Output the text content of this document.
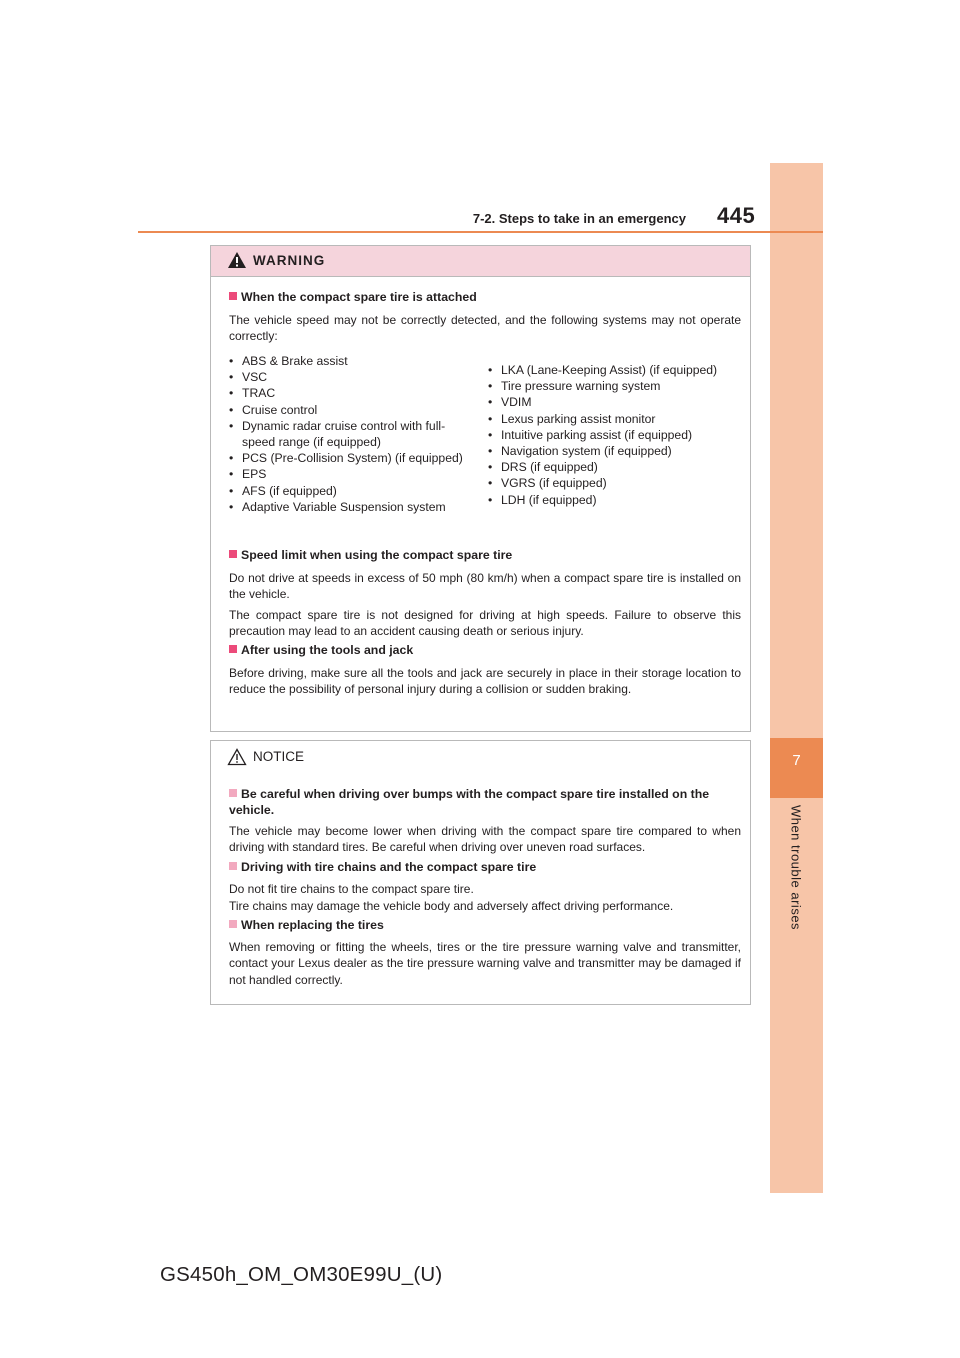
7
When trouble arises
7-2. Steps to take in an emergency 445
WARNING
When the compact spare tire is attached
The vehicle speed may not be correctly detected, and the following systems may not operate correctly:
• ABS & Brake assist
• VSC
• TRAC
• Cruise control
• Dynamic radar cruise control with full-speed range (if equipped)
• PCS (Pre-Collision System) (if equipped)
• EPS
• AFS (if equipped)
• Adaptive Variable Suspension system
• LKA (Lane-Keeping Assist) (if equipped)
• Tire pressure warning system
• VDIM
• Lexus parking assist monitor
• Intuitive parking assist (if equipped)
• Navigation system (if equipped)
• DRS (if equipped)
• VGRS (if equipped)
• LDH (if equipped)
Speed limit when using the compact spare tire
Do not drive at speeds in excess of 50 mph (80 km/h) when a compact spare tire is installed on the vehicle.
The compact spare tire is not designed for driving at high speeds. Failure to observe this precaution may lead to an accident causing death or serious injury.
After using the tools and jack
Before driving, make sure all the tools and jack are securely in place in their storage location to reduce the possibility of personal injury during a collision or sudden braking.
NOTICE
Be careful when driving over bumps with the compact spare tire installed on the vehicle.
The vehicle may become lower when driving with the compact spare tire compared to when driving with standard tires. Be careful when driving over uneven road surfaces.
Driving with tire chains and the compact spare tire
Do not fit tire chains to the compact spare tire.
Tire chains may damage the vehicle body and adversely affect driving performance.
When replacing the tires
When removing or fitting the wheels, tires or the tire pressure warning valve and transmitter, contact your Lexus dealer as the tire pressure warning valve and transmitter may be damaged if not handled correctly.
GS450h_OM_OM30E99U_(U)
